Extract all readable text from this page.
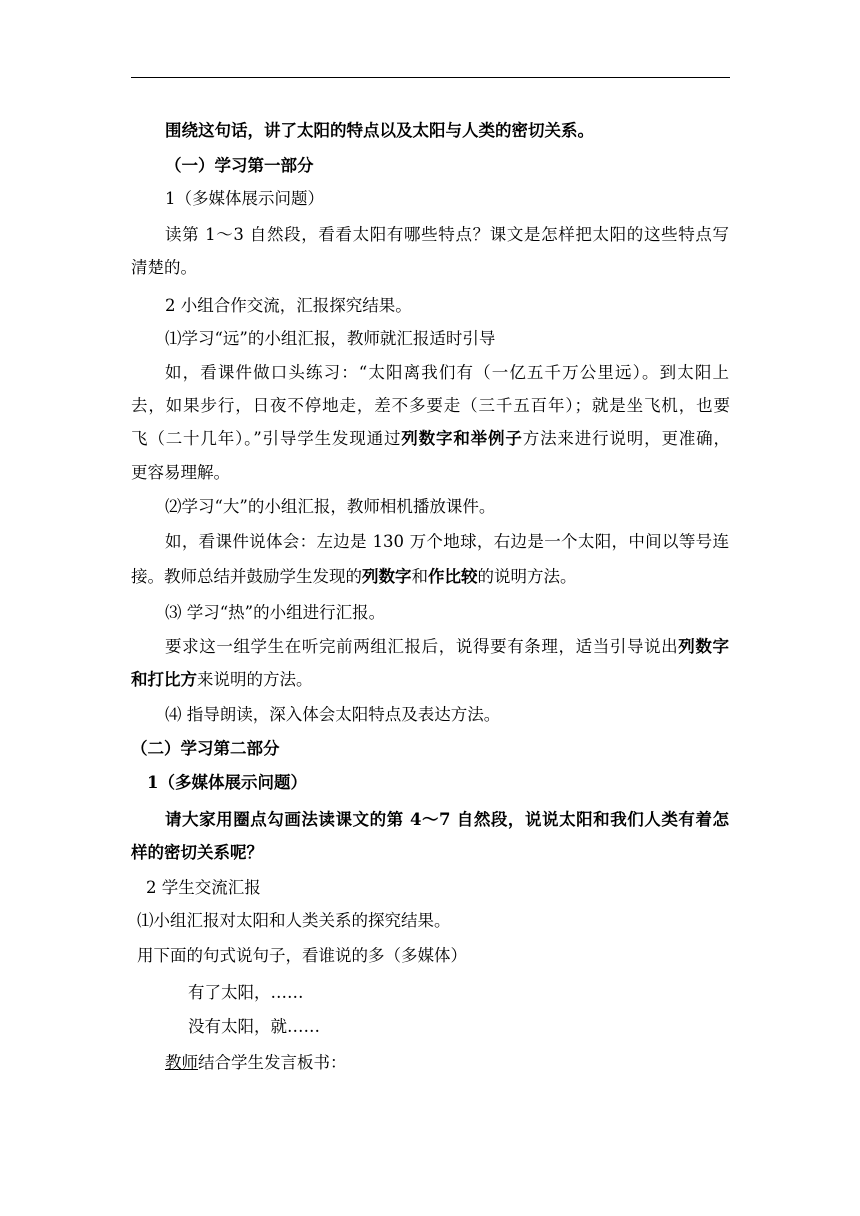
围绕这句话，讲了太阳的特点以及太阳与人类的密切关系。
（一）学习第一部分
1（多媒体展示问题）
读第 1～3 自然段，看看太阳有哪些特点？课文是怎样把太阳的这些特点写
清楚的。
2 小组合作交流，汇报探究结果。
⑴学习“远”的小组汇报，教师就汇报适时引导
如，看课件做口头练习：“太阳离我们有（一亿五千万公里远）。到太阳上
去，如果步行，日夜不停地走，差不多要走（三千五百年）；就是坐飞机，也要
飞（二十几年）。”引导学生发现通过列数字和举例子方法来进行说明，更准确，
更容易理解。
⑵学习“大”的小组汇报，教师相机播放课件。
如，看课件说体会：左边是 130 万个地球，右边是一个太阳，中间以等号连
接。教师总结并鼓励学生发现的列数字和作比较的说明方法。
⑶ 学习“热”的小组进行汇报。
要求这一组学生在听完前两组汇报后，说得要有条理，适当引导说出列数字
和打比方来说明的方法。
⑷ 指导朗读，深入体会太阳特点及表达方法。
（二）学习第二部分
1（多媒体展示问题）
请大家用圈点勾画法读课文的第 4～7 自然段，说说太阳和我们人类有着怎
样的密切关系呢？
2 学生交流汇报
⑴小组汇报对太阳和人类关系的探究结果。
用下面的句式说句子，看谁说的多（多媒体）
有了太阳，……
没有太阳，就……
教师结合学生发言板书：
